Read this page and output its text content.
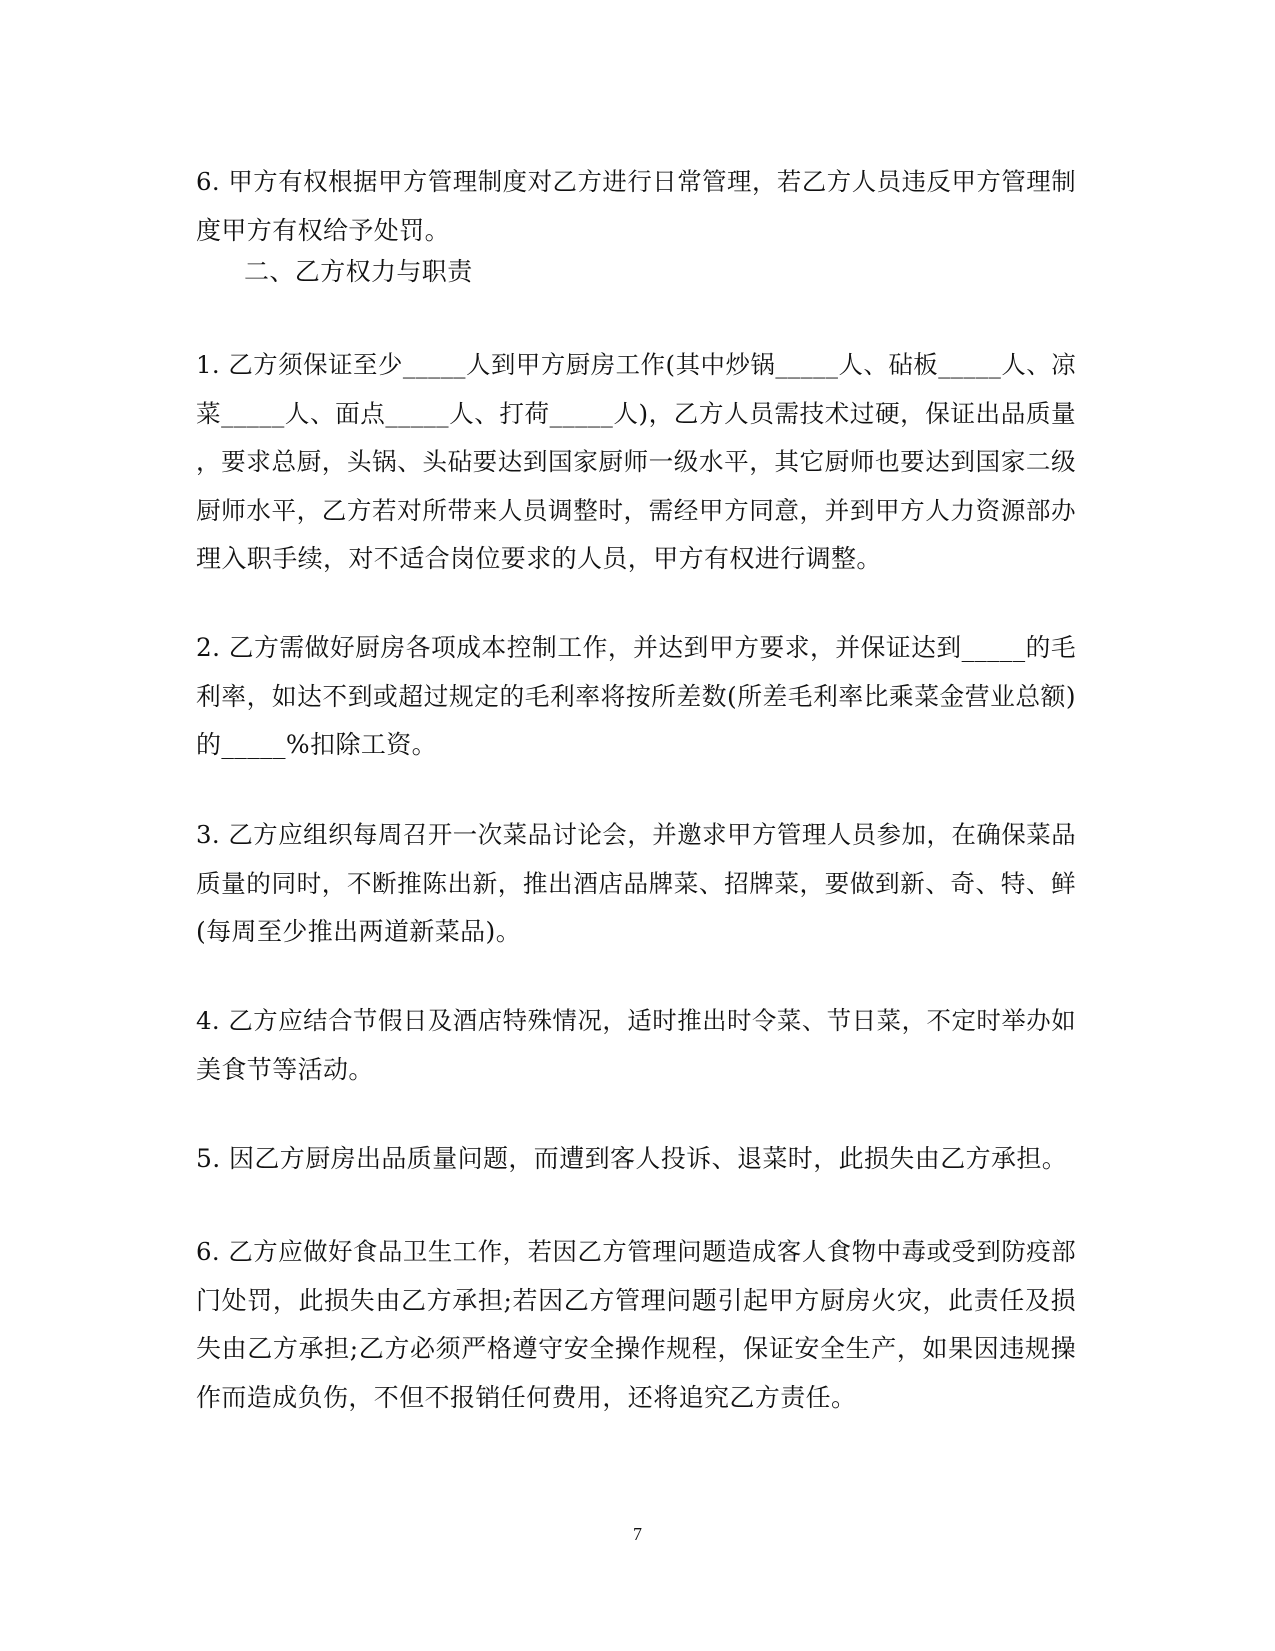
6. 甲方有权根据甲方管理制度对乙方进行日常管理，若乙方人员违反甲方管理制
度甲方有权给予处罚。

二、乙方权力与职责

1. 乙方须保证至少_____人到甲方厨房工作(其中炒锅_____人、砧板_____人、凉
菜_____人、面点_____人、打荷_____人)，乙方人员需技术过硬，保证出品质量
，要求总厨，头锅、头砧要达到国家厨师一级水平，其它厨师也要达到国家二级
厨师水平，乙方若对所带来人员调整时，需经甲方同意，并到甲方人力资源部办
理入职手续，对不适合岗位要求的人员，甲方有权进行调整。

2. 乙方需做好厨房各项成本控制工作，并达到甲方要求，并保证达到_____的毛
利率，如达不到或超过规定的毛利率将按所差数(所差毛利率比乘菜金营业总额)
的_____%扣除工资。

3. 乙方应组织每周召开一次菜品讨论会，并邀求甲方管理人员参加，在确保菜品
质量的同时，不断推陈出新，推出酒店品牌菜、招牌菜，要做到新、奇、特、鲜
(每周至少推出两道新菜品)。

4. 乙方应结合节假日及酒店特殊情况，适时推出时令菜、节日菜，不定时举办如
美食节等活动。

5. 因乙方厨房出品质量问题，而遭到客人投诉、退菜时，此损失由乙方承担。

6. 乙方应做好食品卫生工作，若因乙方管理问题造成客人食物中毒或受到防疫部
门处罚，此损失由乙方承担;若因乙方管理问题引起甲方厨房火灾，此责任及损
失由乙方承担;乙方必须严格遵守安全操作规程，保证安全生产，如果因违规操
作而造成负伤，不但不报销任何费用，还将追究乙方责任。

7
